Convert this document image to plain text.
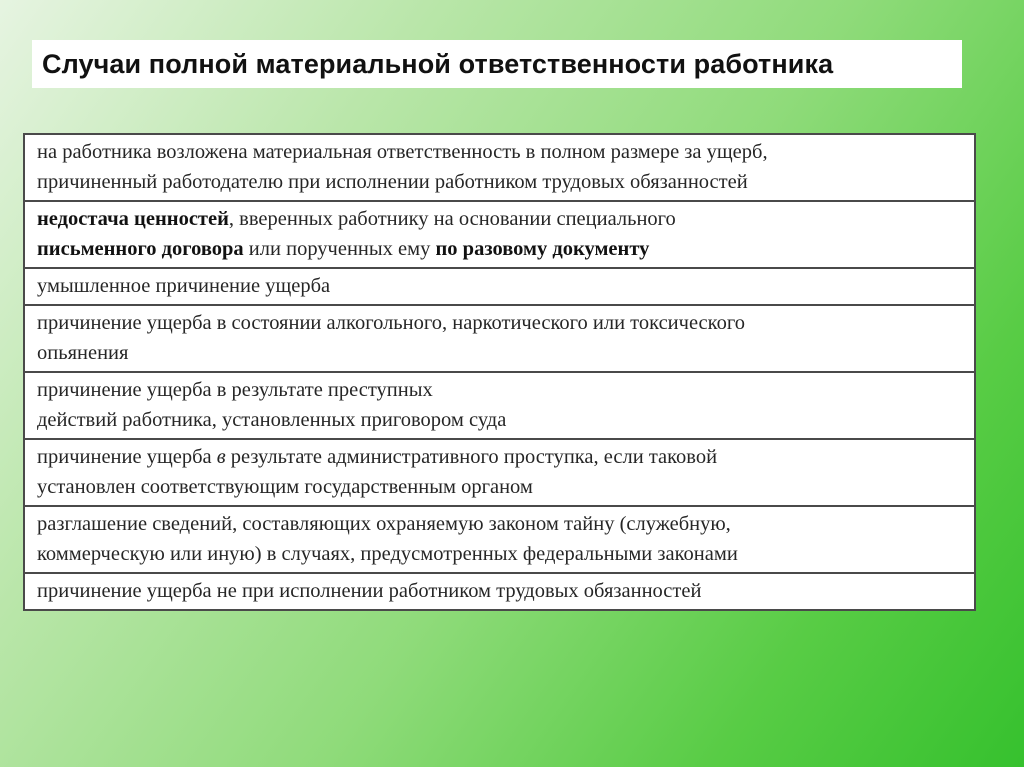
Случаи полной материальной ответственности работника
на работника возложена материальная ответственность в полном размере за ущерб,
причиненный работодателю при исполнении работником трудовых обязанностей
недостача ценностей, вверенных работнику на основании специального
письменного договора или порученных ему по разовому документу
умышленное причинение ущерба
причинение ущерба в состоянии алкогольного, наркотического или токсического
опьянения
причинение ущерба в результате преступных
действий работника, установленных приговором суда
причинение ущерба в результате административного проступка, если таковой
установлен соответствующим государственным органом
разглашение сведений, составляющих охраняемую законом тайну (служебную,
коммерческую или иную) в случаях, предусмотренных федеральными законами
причинение ущерба не при исполнении работником трудовых обязанностей
